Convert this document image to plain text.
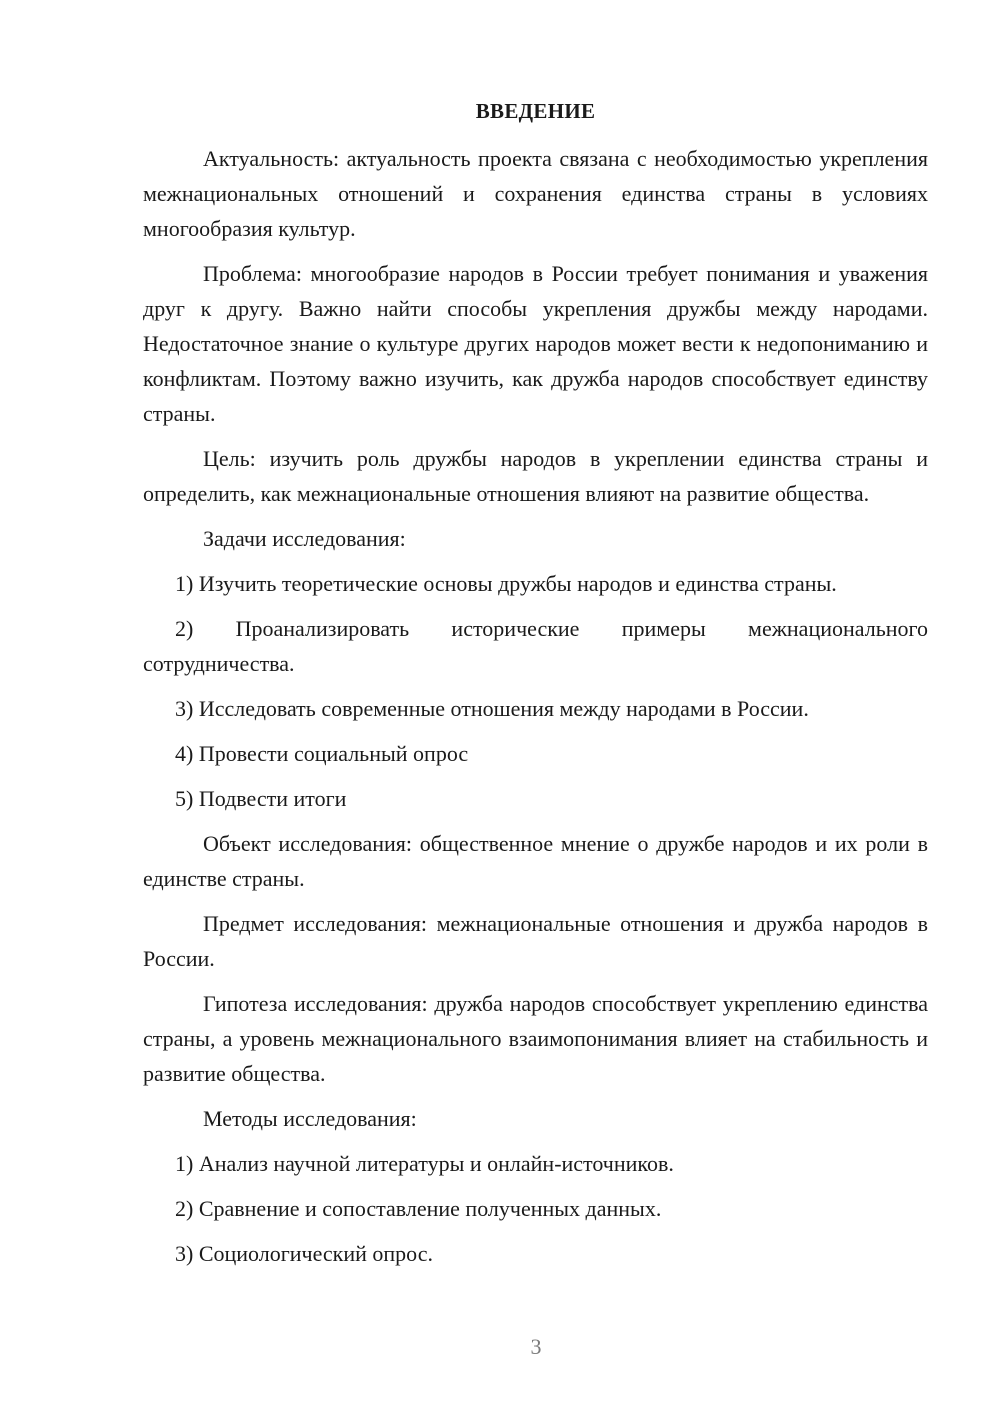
ВВЕДЕНИЕ

Актуальность: актуальность проекта связана с необходимостью укрепления межнациональных отношений и сохранения единства страны в условиях многообразия культур.

Проблема: многообразие народов в России требует понимания и уважения друг к другу. Важно найти способы укрепления дружбы между народами. Недостаточное знание о культуре других народов может вести к недопониманию и конфликтам. Поэтому важно изучить, как дружба народов способствует единству страны.

Цель: изучить роль дружбы народов в укреплении единства страны и определить, как межнациональные отношения влияют на развитие общества.

Задачи исследования:

1) Изучить теоретические основы дружбы народов и единства страны.

2) Проанализировать исторические примеры межнационального сотрудничества.

3) Исследовать современные отношения между народами в России.

4) Провести социальный опрос

5) Подвести итоги

Объект исследования: общественное мнение о дружбе народов и их роли в единстве страны.

Предмет исследования: межнациональные отношения и дружба народов в России.

Гипотеза исследования: дружба народов способствует укреплению единства страны, а уровень межнационального взаимопонимания влияет на стабильность и развитие общества.

Методы исследования:

1) Анализ научной литературы и онлайн-источников.

2) Сравнение и сопоставление полученных данных.

3) Социологический опрос.

3
